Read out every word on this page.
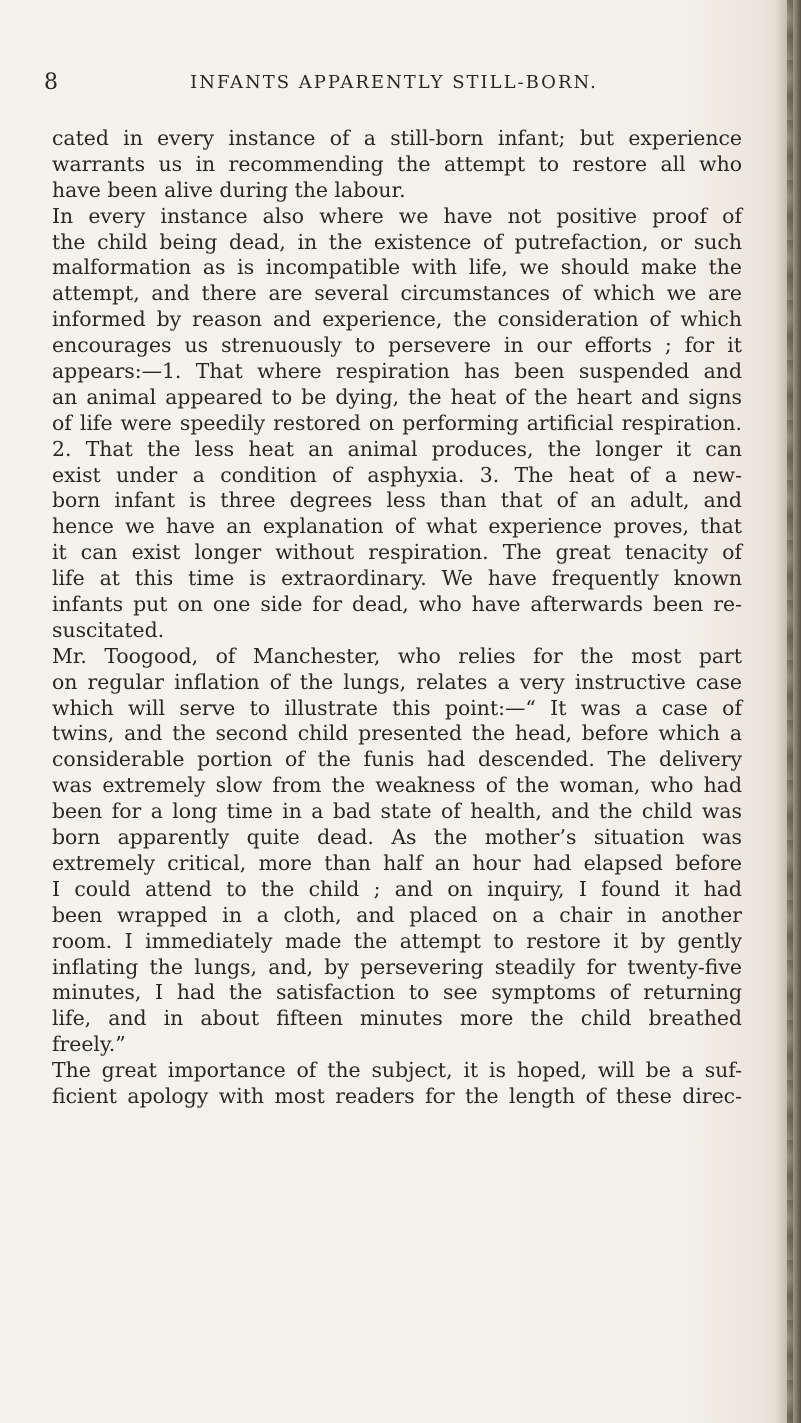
8	INFANTS APPARENTLY STILL-BORN.
cated in every instance of a still-born infant; but experience
warrants us in recommending the attempt to restore all who
have been alive during the labour.
In every instance also where we have not positive proof of
the child being dead, in the existence of putrefaction, or such
malformation as is incompatible with life, we should make the
attempt, and there are several circumstances of which we are
informed by reason and experience, the consideration of which
encourages us strenuously to persevere in our efforts ; for it
appears:—1. That where respiration has been suspended and
an animal appeared to be dying, the heat of the heart and signs
of life were speedily restored on performing artificial respiration.
2. That the less heat an animal produces, the longer it can
exist under a condition of asphyxia. 3. The heat of a new-
born infant is three degrees less than that of an adult, and
hence we have an explanation of what experience proves, that
it can exist longer without respiration. The great tenacity of
life at this time is extraordinary. We have frequently known
infants put on one side for dead, who have afterwards been re-
suscitated.
Mr. Toogood, of Manchester, who relies for the most part
on regular inflation of the lungs, relates a very instructive case
which will serve to illustrate this point:—“ It was a case of
twins, and the second child presented the head, before which a
considerable portion of the funis had descended. The delivery
was extremely slow from the weakness of the woman, who had
been for a long time in a bad state of health, and the child was
born apparently quite dead. As the mother’s situation was
extremely critical, more than half an hour had elapsed before
I could attend to the child ; and on inquiry, I found it had
been wrapped in a cloth, and placed on a chair in another
room. I immediately made the attempt to restore it by gently
inflating the lungs, and, by persevering steadily for twenty-five
minutes, I had the satisfaction to see symptoms of returning
life, and in about fifteen minutes more the child breathed
freely.”
The great importance of the subject, it is hoped, will be a suf-
ficient apology with most readers for the length of these direc-
